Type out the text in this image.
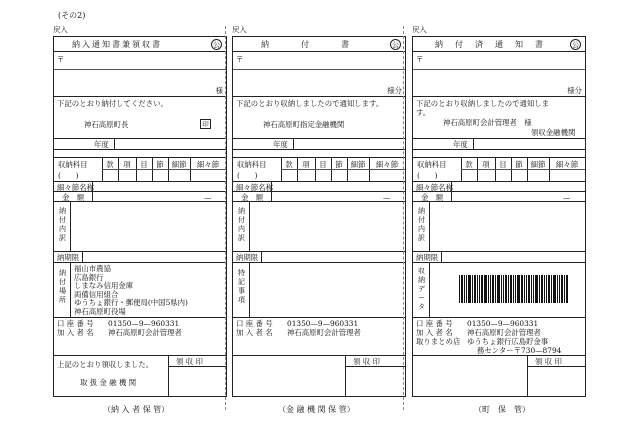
(その2)
戻入
納入通知書兼領収書	公
〒
様
下記のとおり納付してください。
神石高原町長	印
年度
収納科目
(　　)
款	項	目	節	細節	細々節
細々節名称
金　額	—
納付内訳
納期限
納付場所
福山市農協
広島銀行
しまなみ信用金庫
両備信用組合
ゆうちょ銀行・郵便局(中国5県内)
神石高原町役場
口 座 番 号 01350—9—960331
加 入 者 名 神石高原町会計管理者
上記のとおり領収しました。
取 扱 金 融 機 関
領 収 印
（納 入 者 保 管）
戻入
納　　　付　　　書	公
〒
様分
下記のとおり収納しましたので通知します。
神石高原町指定金融機関
年度
収納科目
(　　)
款	項	目	節	細節	細々節
細々節名称
金　額	—
納付内訳
納期限
特記事項
口 座 番 号 01350—9—960331
加 入 者 名 神石高原町会計管理者
領 収 印
（金 融 機 関 保 管）
戻入
納　付　済　通　知　書	公
〒
様分
下記のとおり収納しましたので通知しま
す。
神石高原町会計管理者　様
領収金融機関
年度
収納科目
(　　)
款	項	目	節	細節	細々節
細々節名称
金　額	—
納付内訳
納期限
収納データ
口 座 番 号 01350—9—960331
加 入 者 名 神石高原町会計管理者
取りまとめ店 ゆうちょ銀行広島貯金事
務センター〒730—8794
領 収 印
（町　保　管）
